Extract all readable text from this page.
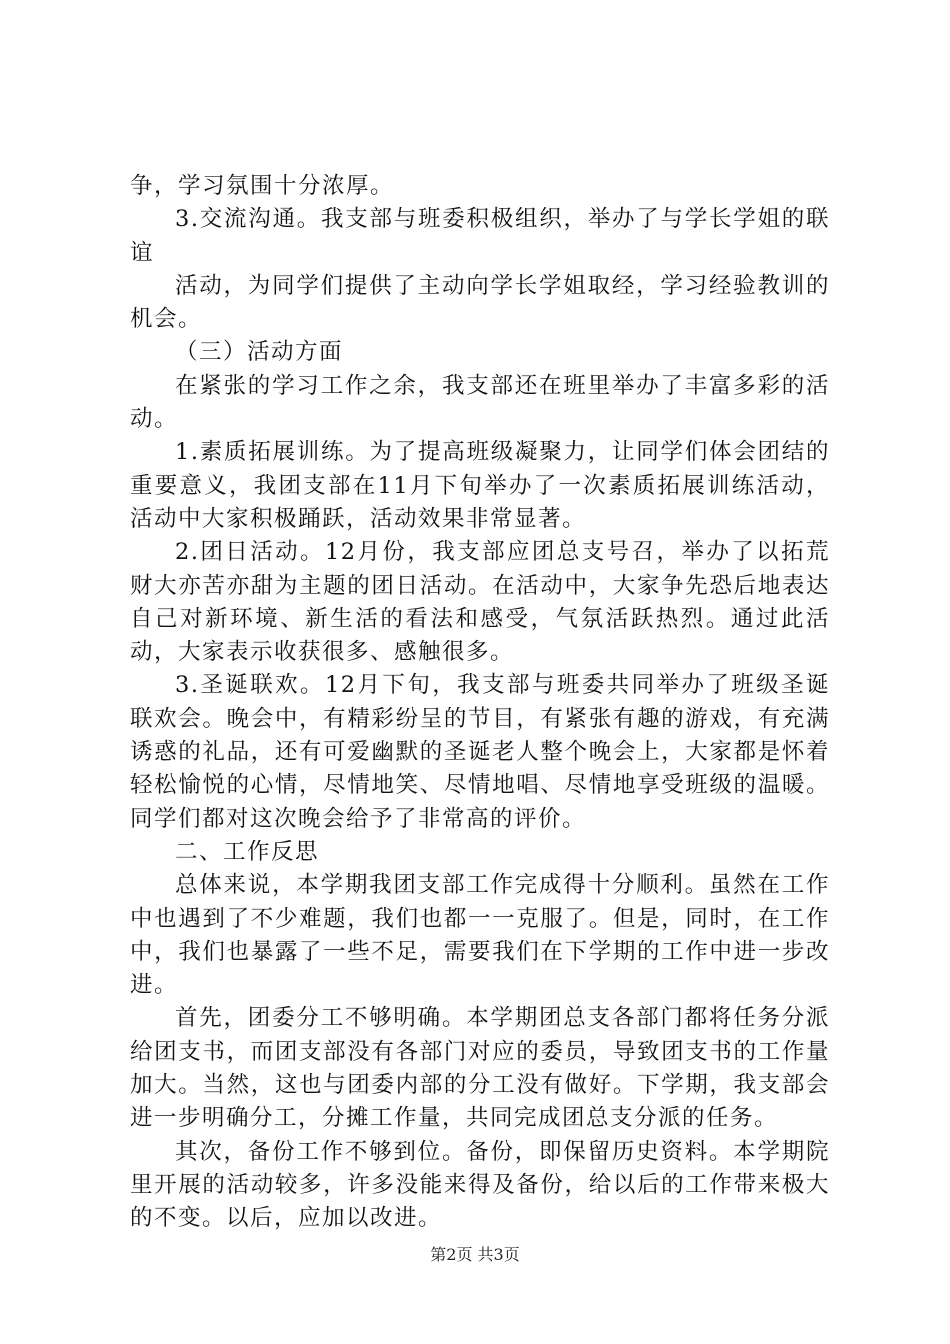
争，学习氛围十分浓厚。

3.交流沟通。我支部与班委积极组织，举办了与学长学姐的联谊

活动，为同学们提供了主动向学长学姐取经，学习经验教训的机会。

（三）活动方面

在紧张的学习工作之余，我支部还在班里举办了丰富多彩的活动。

1.素质拓展训练。为了提高班级凝聚力，让同学们体会团结的重要意义，我团支部在11月下旬举办了一次素质拓展训练活动，活动中大家积极踊跃，活动效果非常显著。

2.团日活动。12月份，我支部应团总支号召，举办了以拓荒财大亦苦亦甜为主题的团日活动。在活动中，大家争先恐后地表达自己对新环境、新生活的看法和感受，气氛活跃热烈。通过此活动，大家表示收获很多、感触很多。

3.圣诞联欢。12月下旬，我支部与班委共同举办了班级圣诞联欢会。晚会中，有精彩纷呈的节目，有紧张有趣的游戏，有充满诱惑的礼品，还有可爱幽默的圣诞老人整个晚会上，大家都是怀着轻松愉悦的心情，尽情地笑、尽情地唱、尽情地享受班级的温暖。同学们都对这次晚会给予了非常高的评价。

二、工作反思

总体来说，本学期我团支部工作完成得十分顺利。虽然在工作中也遇到了不少难题，我们也都一一克服了。但是，同时，在工作中，我们也暴露了一些不足，需要我们在下学期的工作中进一步改进。

首先，团委分工不够明确。本学期团总支各部门都将任务分派给团支书，而团支部没有各部门对应的委员，导致团支书的工作量加大。当然，这也与团委内部的分工没有做好。下学期，我支部会进一步明确分工，分摊工作量，共同完成团总支分派的任务。

其次，备份工作不够到位。备份，即保留历史资料。本学期院里开展的活动较多，许多没能来得及备份，给以后的工作带来极大的不变。以后，应加以改进。

第2页 共3页
